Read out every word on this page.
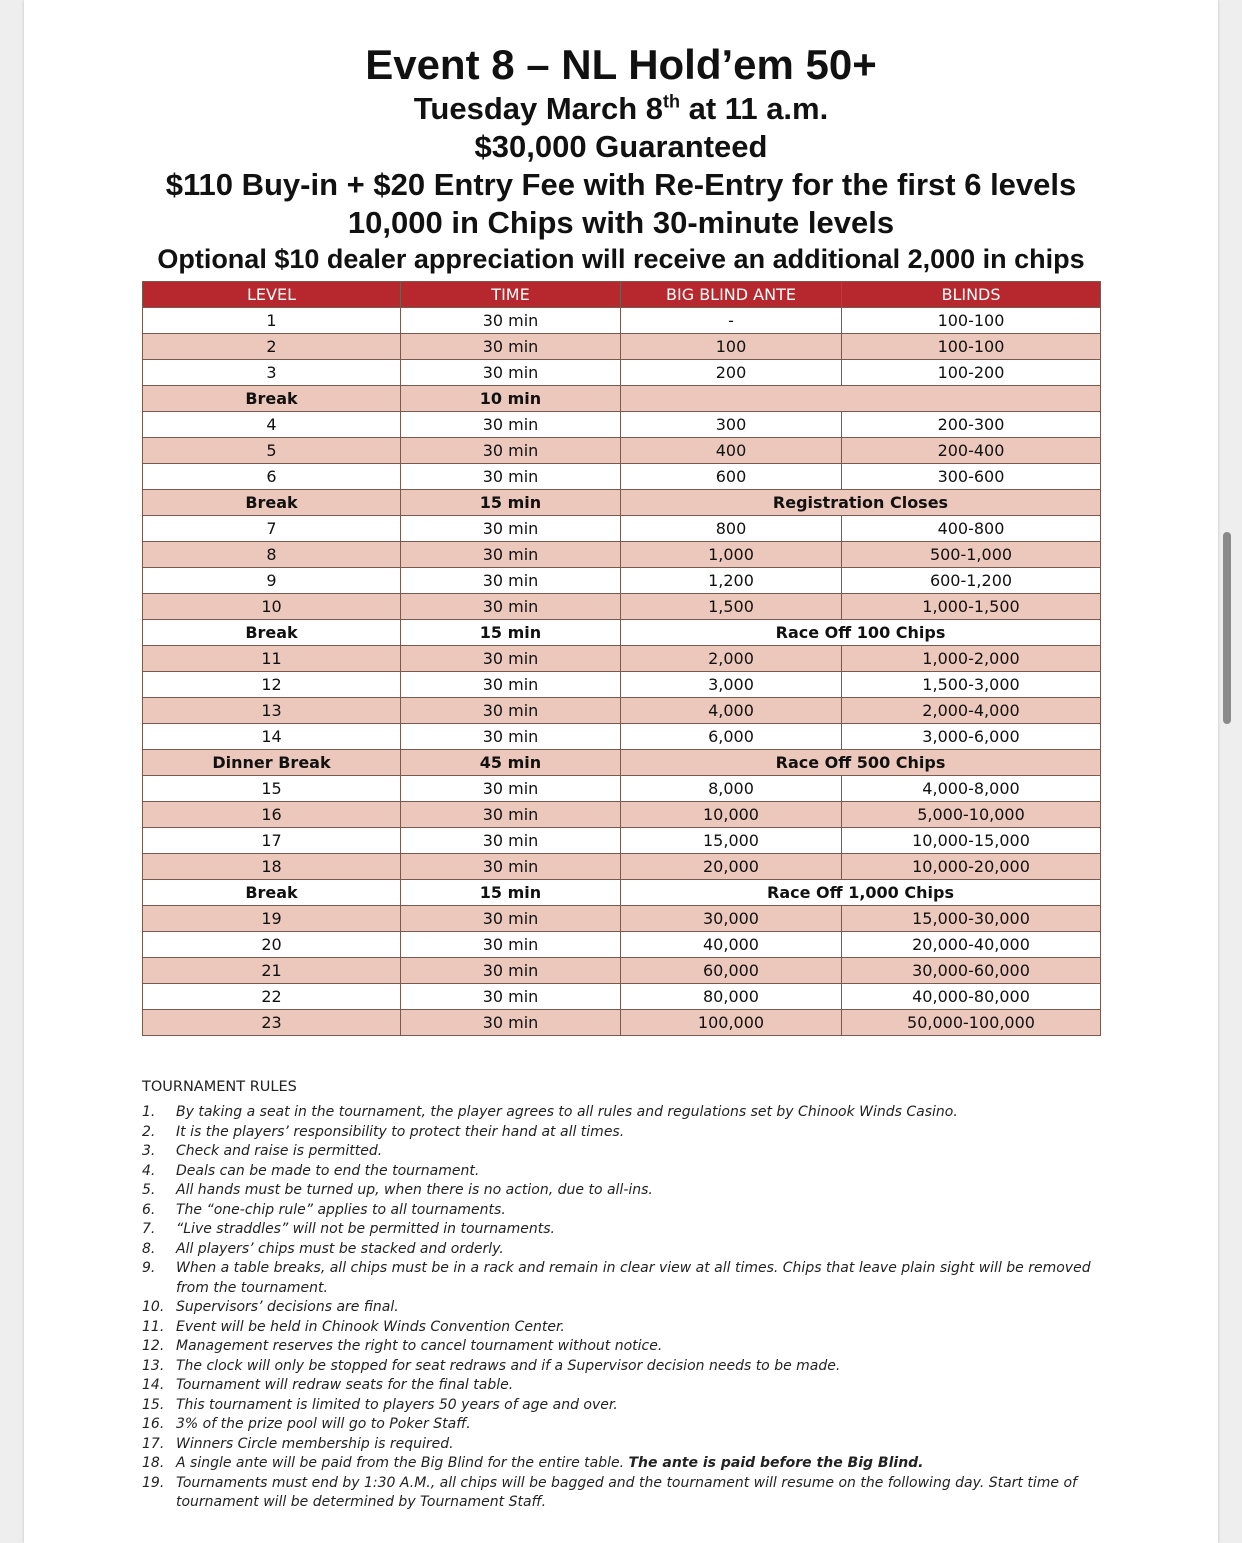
Event 8 – NL Hold’em 50+
Tuesday March 8th at 11 a.m.
$30,000 Guaranteed
$110 Buy-in + $20 Entry Fee with Re-Entry for the first 6 levels
10,000 in Chips with 30-minute levels
Optional $10 dealer appreciation will receive an additional 2,000 in chips
LEVEL	TIME	BIG BLIND ANTE	BLINDS
1	30 min	-	100-100
2	30 min	100	100-100
3	30 min	200	100-200
Break	10 min		
4	30 min	300	200-300
5	30 min	400	200-400
6	30 min	600	300-600
Break	15 min	Registration Closes	
7	30 min	800	400-800
8	30 min	1,000	500-1,000
9	30 min	1,200	600-1,200
10	30 min	1,500	1,000-1,500
Break	15 min	Race Off 100 Chips	
11	30 min	2,000	1,000-2,000
12	30 min	3,000	1,500-3,000
13	30 min	4,000	2,000-4,000
14	30 min	6,000	3,000-6,000
Dinner Break	45 min	Race Off 500 Chips	
15	30 min	8,000	4,000-8,000
16	30 min	10,000	5,000-10,000
17	30 min	15,000	10,000-15,000
18	30 min	20,000	10,000-20,000
Break	15 min	Race Off 1,000 Chips	
19	30 min	30,000	15,000-30,000
20	30 min	40,000	20,000-40,000
21	30 min	60,000	30,000-60,000
22	30 min	80,000	40,000-80,000
23	30 min	100,000	50,000-100,000
TOURNAMENT RULES
1. By taking a seat in the tournament, the player agrees to all rules and regulations set by Chinook Winds Casino.
2. It is the players’ responsibility to protect their hand at all times.
3. Check and raise is permitted.
4. Deals can be made to end the tournament.
5. All hands must be turned up, when there is no action, due to all-ins.
6. The “one-chip rule” applies to all tournaments.
7. “Live straddles” will not be permitted in tournaments.
8. All players’ chips must be stacked and orderly.
9. When a table breaks, all chips must be in a rack and remain in clear view at all times. Chips that leave plain sight will be removed from the tournament.
10. Supervisors’ decisions are final.
11. Event will be held in Chinook Winds Convention Center.
12. Management reserves the right to cancel tournament without notice.
13. The clock will only be stopped for seat redraws and if a Supervisor decision needs to be made.
14. Tournament will redraw seats for the final table.
15. This tournament is limited to players 50 years of age and over.
16. 3% of the prize pool will go to Poker Staff.
17. Winners Circle membership is required.
18. A single ante will be paid from the Big Blind for the entire table. The ante is paid before the Big Blind.
19. Tournaments must end by 1:30 A.M., all chips will be bagged and the tournament will resume on the following day. Start time of tournament will be determined by Tournament Staff.
